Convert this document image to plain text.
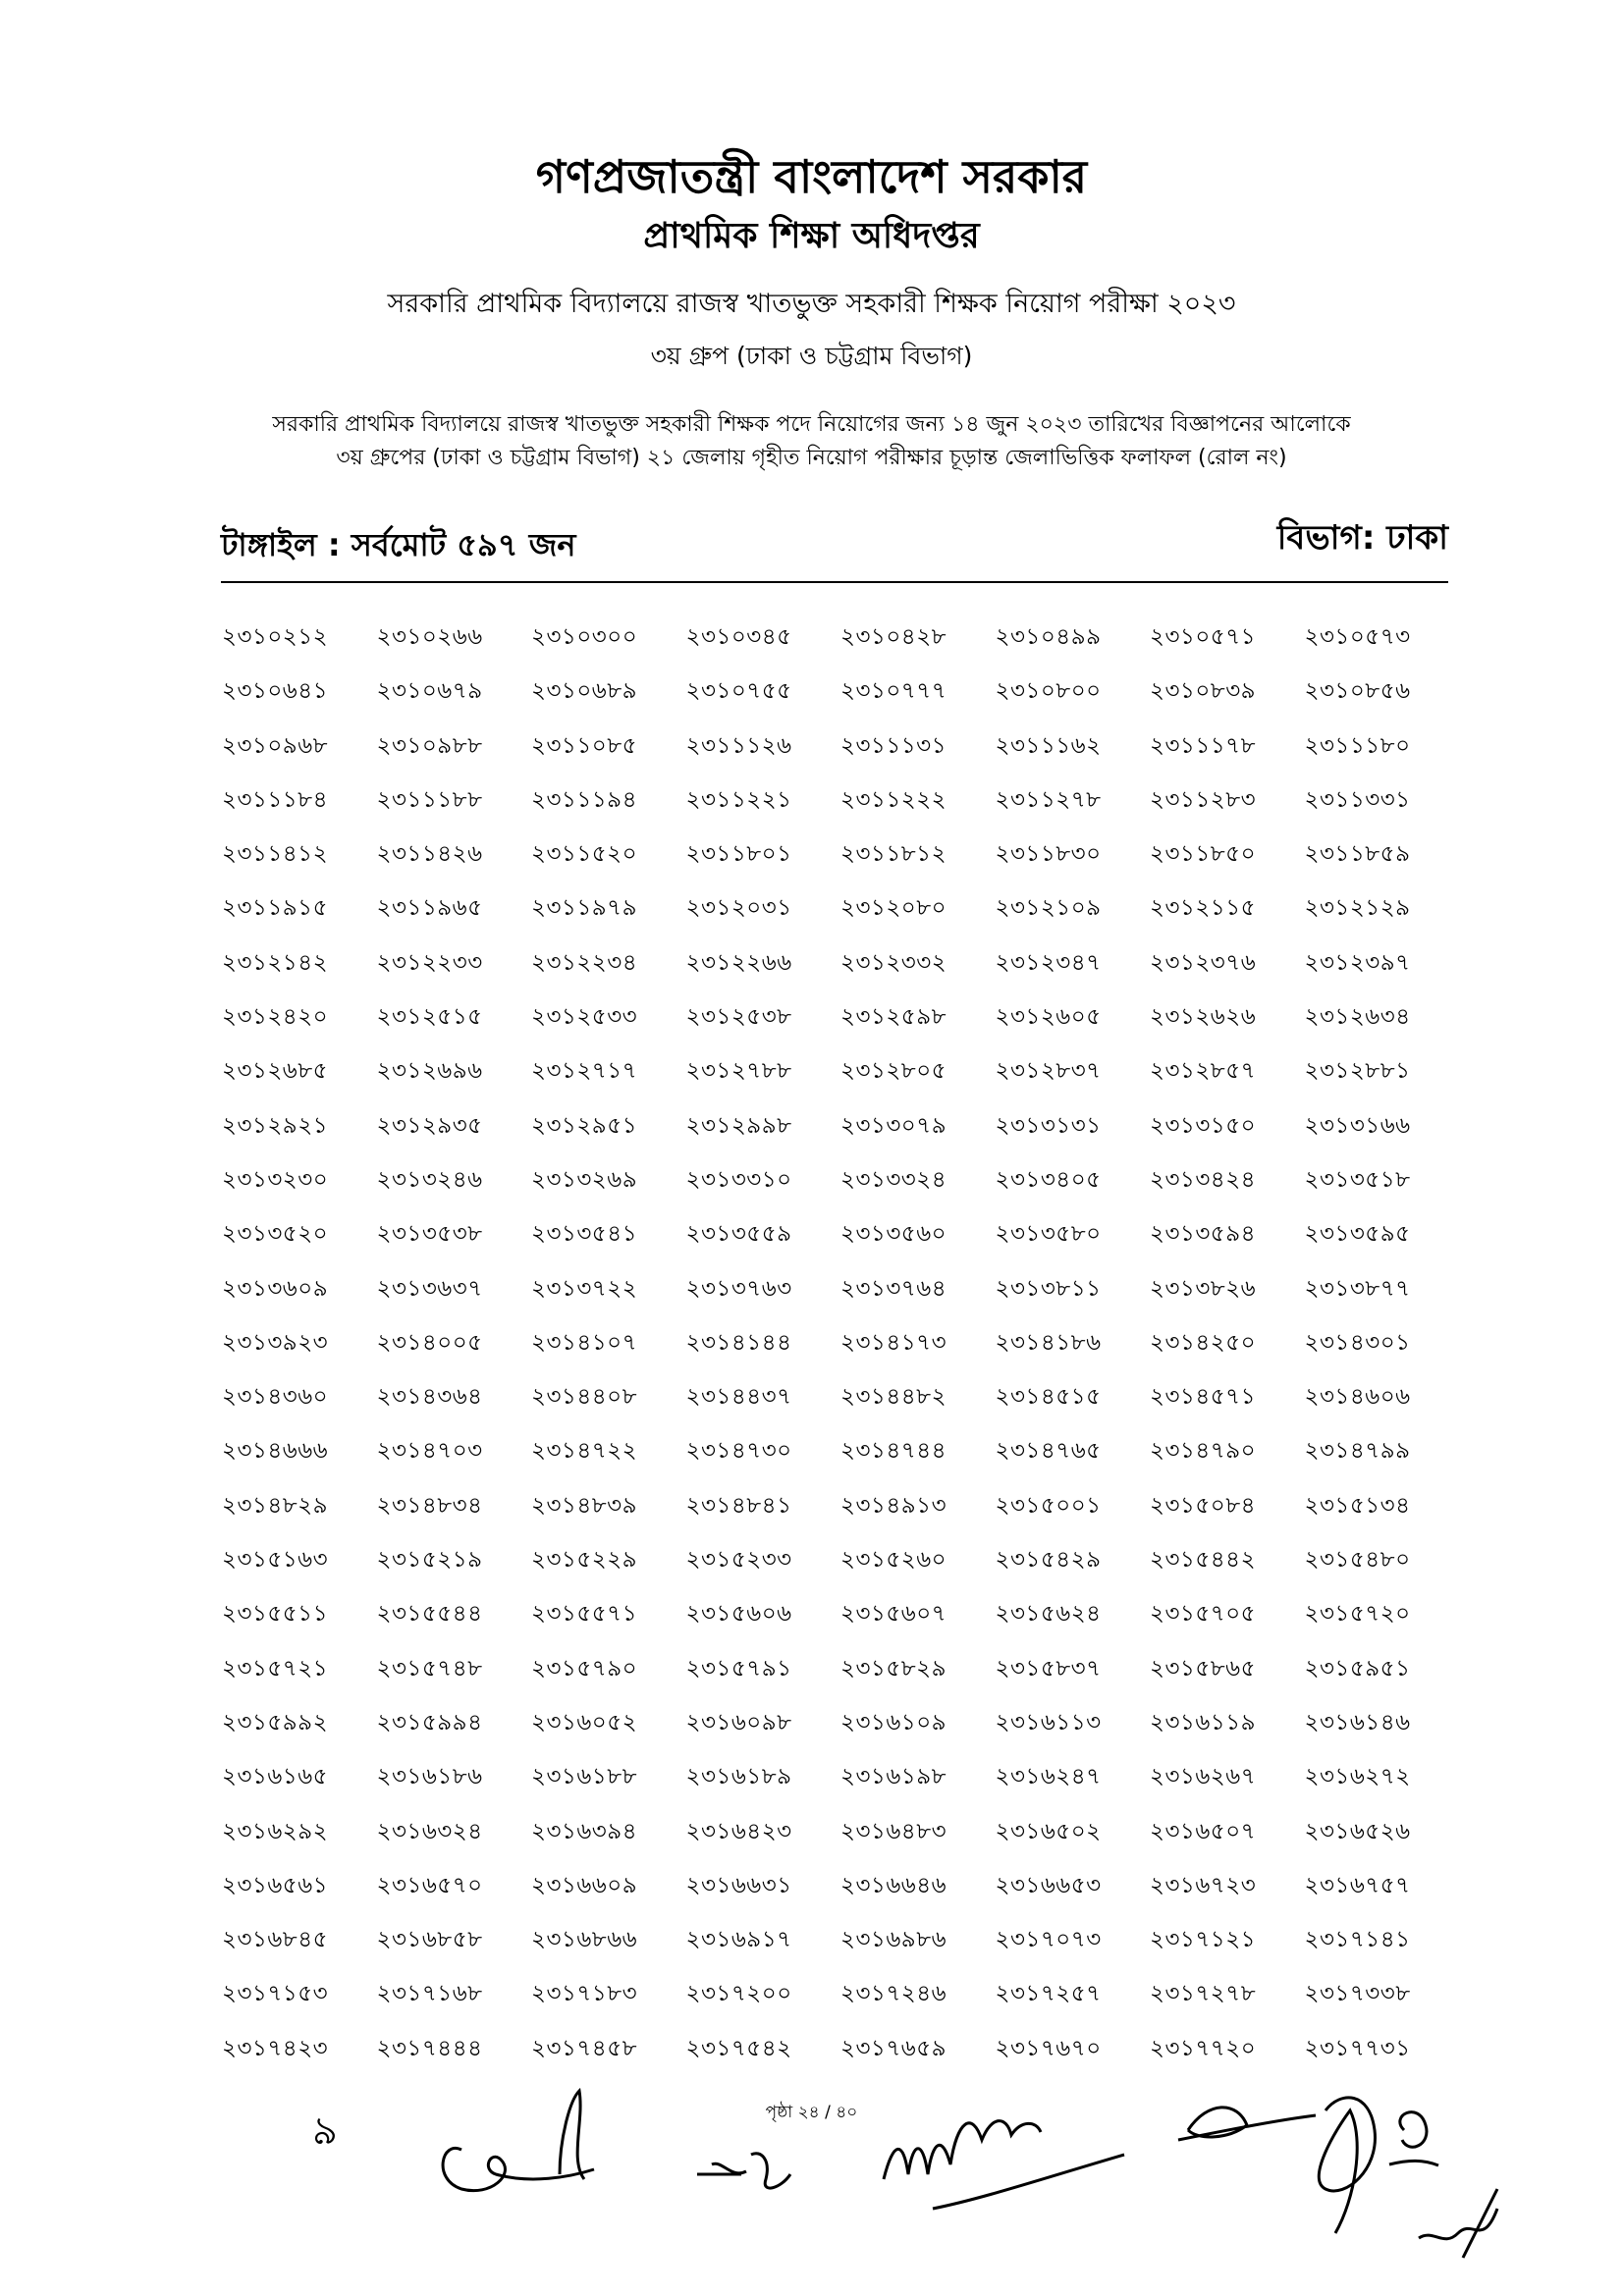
গণপ্রজাতন্ত্রী বাংলাদেশ সরকার
প্রাথমিক শিক্ষা অধিদপ্তর
সরকারি প্রাথমিক বিদ্যালয়ে রাজস্ব খাতভুক্ত সহকারী শিক্ষক নিয়োগ পরীক্ষা ২০২৩
৩য় গ্রুপ (ঢাকা ও চট্টগ্রাম বিভাগ)
সরকারি প্রাথমিক বিদ্যালয়ে রাজস্ব খাতভুক্ত সহকারী শিক্ষক পদে নিয়োগের জন্য ১৪ জুন ২০২৩ তারিখের বিজ্ঞাপনের আলোকে
৩য় গ্রুপের (ঢাকা ও চট্টগ্রাম বিভাগ) ২১ জেলায় গৃহীত নিয়োগ পরীক্ষার চূড়ান্ত জেলাভিত্তিক ফলাফল (রোল নং)
টাঙ্গাইল : সর্বমোট ৫৯৭ জন	বিভাগ: ঢাকা
২৩১০২১২	২৩১০২৬৬	২৩১০৩০০	২৩১০৩৪৫	২৩১০৪২৮	২৩১০৪৯৯	২৩১০৫৭১	২৩১০৫৭৩
২৩১০৬৪১	২৩১০৬৭৯	২৩১০৬৮৯	২৩১০৭৫৫	২৩১০৭৭৭	২৩১০৮০০	২৩১০৮৩৯	২৩১০৮৫৬
২৩১০৯৬৮	২৩১০৯৮৮	২৩১১০৮৫	২৩১১১২৬	২৩১১১৩১	২৩১১১৬২	২৩১১১৭৮	২৩১১১৮০
২৩১১১৮৪	২৩১১১৮৮	২৩১১১৯৪	২৩১১২২১	২৩১১২২২	২৩১১২৭৮	২৩১১২৮৩	২৩১১৩৩১
২৩১১৪১২	২৩১১৪২৬	২৩১১৫২০	২৩১১৮০১	২৩১১৮১২	২৩১১৮৩০	২৩১১৮৫০	২৩১১৮৫৯
২৩১১৯১৫	২৩১১৯৬৫	২৩১১৯৭৯	২৩১২০৩১	২৩১২০৮০	২৩১২১০৯	২৩১২১১৫	২৩১২১২৯
২৩১২১৪২	২৩১২২৩৩	২৩১২২৩৪	২৩১২২৬৬	২৩১২৩৩২	২৩১২৩৪৭	২৩১২৩৭৬	২৩১২৩৯৭
২৩১২৪২০	২৩১২৫১৫	২৩১২৫৩৩	২৩১২৫৩৮	২৩১২৫৯৮	২৩১২৬০৫	২৩১২৬২৬	২৩১২৬৩৪
২৩১২৬৮৫	২৩১২৬৯৬	২৩১২৭১৭	২৩১২৭৮৮	২৩১২৮০৫	২৩১২৮৩৭	২৩১২৮৫৭	২৩১২৮৮১
২৩১২৯২১	২৩১২৯৩৫	২৩১২৯৫১	২৩১২৯৯৮	২৩১৩০৭৯	২৩১৩১৩১	২৩১৩১৫০	২৩১৩১৬৬
২৩১৩২৩০	২৩১৩২৪৬	২৩১৩২৬৯	২৩১৩৩১০	২৩১৩৩২৪	২৩১৩৪০৫	২৩১৩৪২৪	২৩১৩৫১৮
২৩১৩৫২০	২৩১৩৫৩৮	২৩১৩৫৪১	২৩১৩৫৫৯	২৩১৩৫৬০	২৩১৩৫৮০	২৩১৩৫৯৪	২৩১৩৫৯৫
২৩১৩৬০৯	২৩১৩৬৩৭	২৩১৩৭২২	২৩১৩৭৬৩	২৩১৩৭৬৪	২৩১৩৮১১	২৩১৩৮২৬	২৩১৩৮৭৭
২৩১৩৯২৩	২৩১৪০০৫	২৩১৪১০৭	২৩১৪১৪৪	২৩১৪১৭৩	২৩১৪১৮৬	২৩১৪২৫০	২৩১৪৩০১
২৩১৪৩৬০	২৩১৪৩৬৪	২৩১৪৪০৮	২৩১৪৪৩৭	২৩১৪৪৮২	২৩১৪৫১৫	২৩১৪৫৭১	২৩১৪৬০৬
২৩১৪৬৬৬	২৩১৪৭০৩	২৩১৪৭২২	২৩১৪৭৩০	২৩১৪৭৪৪	২৩১৪৭৬৫	২৩১৪৭৯০	২৩১৪৭৯৯
২৩১৪৮২৯	২৩১৪৮৩৪	২৩১৪৮৩৯	২৩১৪৮৪১	২৩১৪৯১৩	২৩১৫০০১	২৩১৫০৮৪	২৩১৫১৩৪
২৩১৫১৬৩	২৩১৫২১৯	২৩১৫২২৯	২৩১৫২৩৩	২৩১৫২৬০	২৩১৫৪২৯	২৩১৫৪৪২	২৩১৫৪৮০
২৩১৫৫১১	২৩১৫৫৪৪	২৩১৫৫৭১	২৩১৫৬০৬	২৩১৫৬০৭	২৩১৫৬২৪	২৩১৫৭০৫	২৩১৫৭২০
২৩১৫৭২১	২৩১৫৭৪৮	২৩১৫৭৯০	২৩১৫৭৯১	২৩১৫৮২৯	২৩১৫৮৩৭	২৩১৫৮৬৫	২৩১৫৯৫১
২৩১৫৯৯২	২৩১৫৯৯৪	২৩১৬০৫২	২৩১৬০৯৮	২৩১৬১০৯	২৩১৬১১৩	২৩১৬১১৯	২৩১৬১৪৬
২৩১৬১৬৫	২৩১৬১৮৬	২৩১৬১৮৮	২৩১৬১৮৯	২৩১৬১৯৮	২৩১৬২৪৭	২৩১৬২৬৭	২৩১৬২৭২
২৩১৬২৯২	২৩১৬৩২৪	২৩১৬৩৯৪	২৩১৬৪২৩	২৩১৬৪৮৩	২৩১৬৫০২	২৩১৬৫০৭	২৩১৬৫২৬
২৩১৬৫৬১	২৩১৬৫৭০	২৩১৬৬০৯	২৩১৬৬৩১	২৩১৬৬৪৬	২৩১৬৬৫৩	২৩১৬৭২৩	২৩১৬৭৫৭
২৩১৬৮৪৫	২৩১৬৮৫৮	২৩১৬৮৬৬	২৩১৬৯১৭	২৩১৬৯৮৬	২৩১৭০৭৩	২৩১৭১২১	২৩১৭১৪১
২৩১৭১৫৩	২৩১৭১৬৮	২৩১৭১৮৩	২৩১৭২০০	২৩১৭২৪৬	২৩১৭২৫৭	২৩১৭২৭৮	২৩১৭৩৩৮
২৩১৭৪২৩	২৩১৭৪৪৪	২৩১৭৪৫৮	২৩১৭৫৪২	২৩১৭৬৫৯	২৩১৭৬৭০	২৩১৭৭২০	২৩১৭৭৩১
পৃষ্ঠা ২৪ / ৪০
৯
